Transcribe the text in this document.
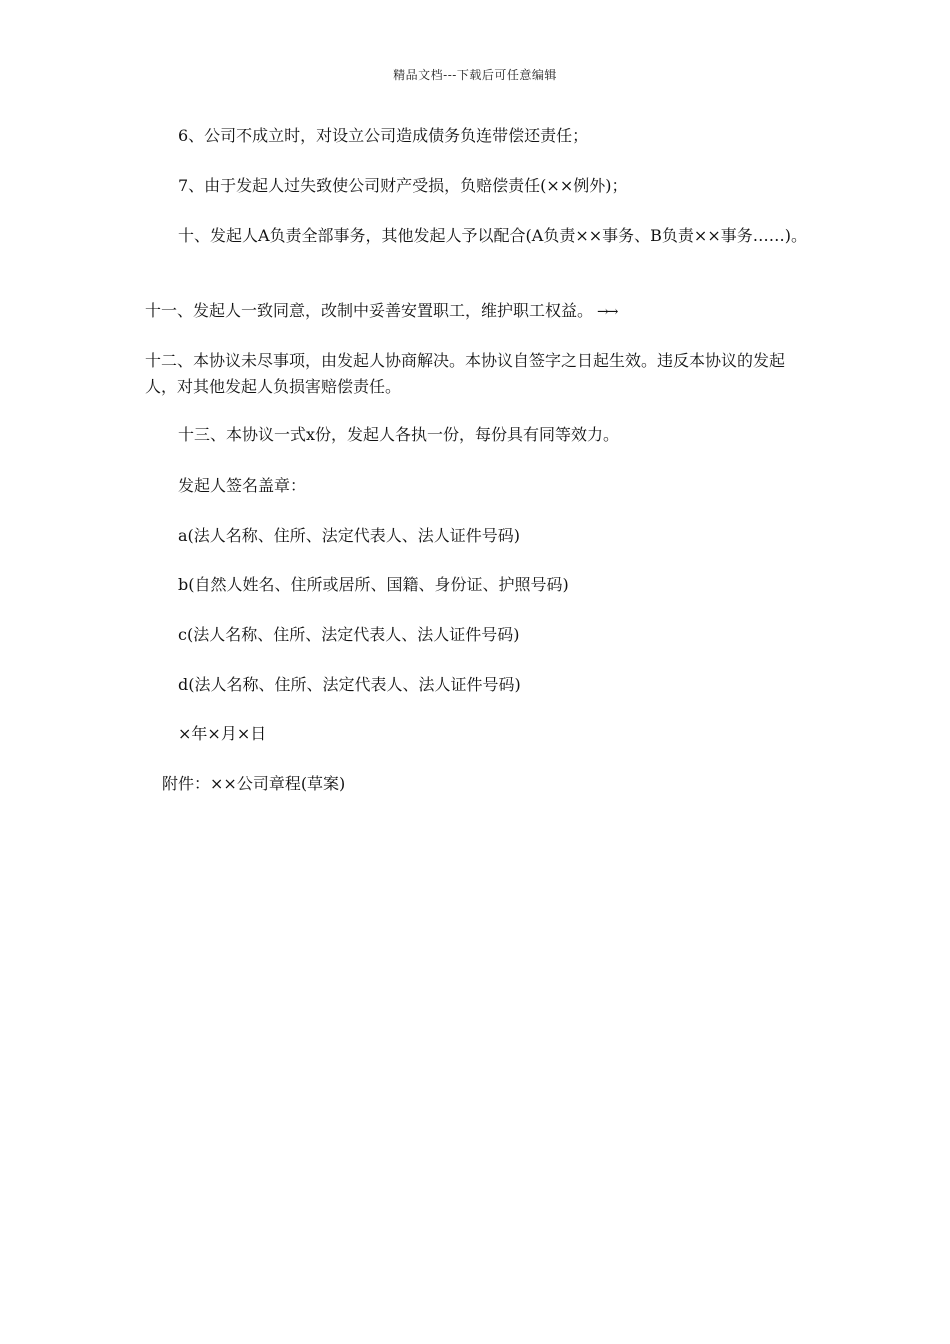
精品文档---下载后可任意编辑
6、公司不成立时，对设立公司造成债务负连带偿还责任；
7、由于发起人过失致使公司财产受损，负赔偿责任(××例外)；
十、发起人A负责全部事务，其他发起人予以配合(A负责××事务、B负责××事务……)。
十一、发起人一致同意，改制中妥善安置职工，维护职工权益。 →→
十二、本协议未尽事项，由发起人协商解决。本协议自签字之日起生效。违反本协议的发起人，对其他发起人负损害赔偿责任。
十三、本协议一式x份，发起人各执一份，每份具有同等效力。
发起人签名盖章：
a(法人名称、住所、法定代表人、法人证件号码)
b(自然人姓名、住所或居所、国籍、身份证、护照号码)
c(法人名称、住所、法定代表人、法人证件号码)
d(法人名称、住所、法定代表人、法人证件号码)
×年×月×日
附件：××公司章程(草案)
